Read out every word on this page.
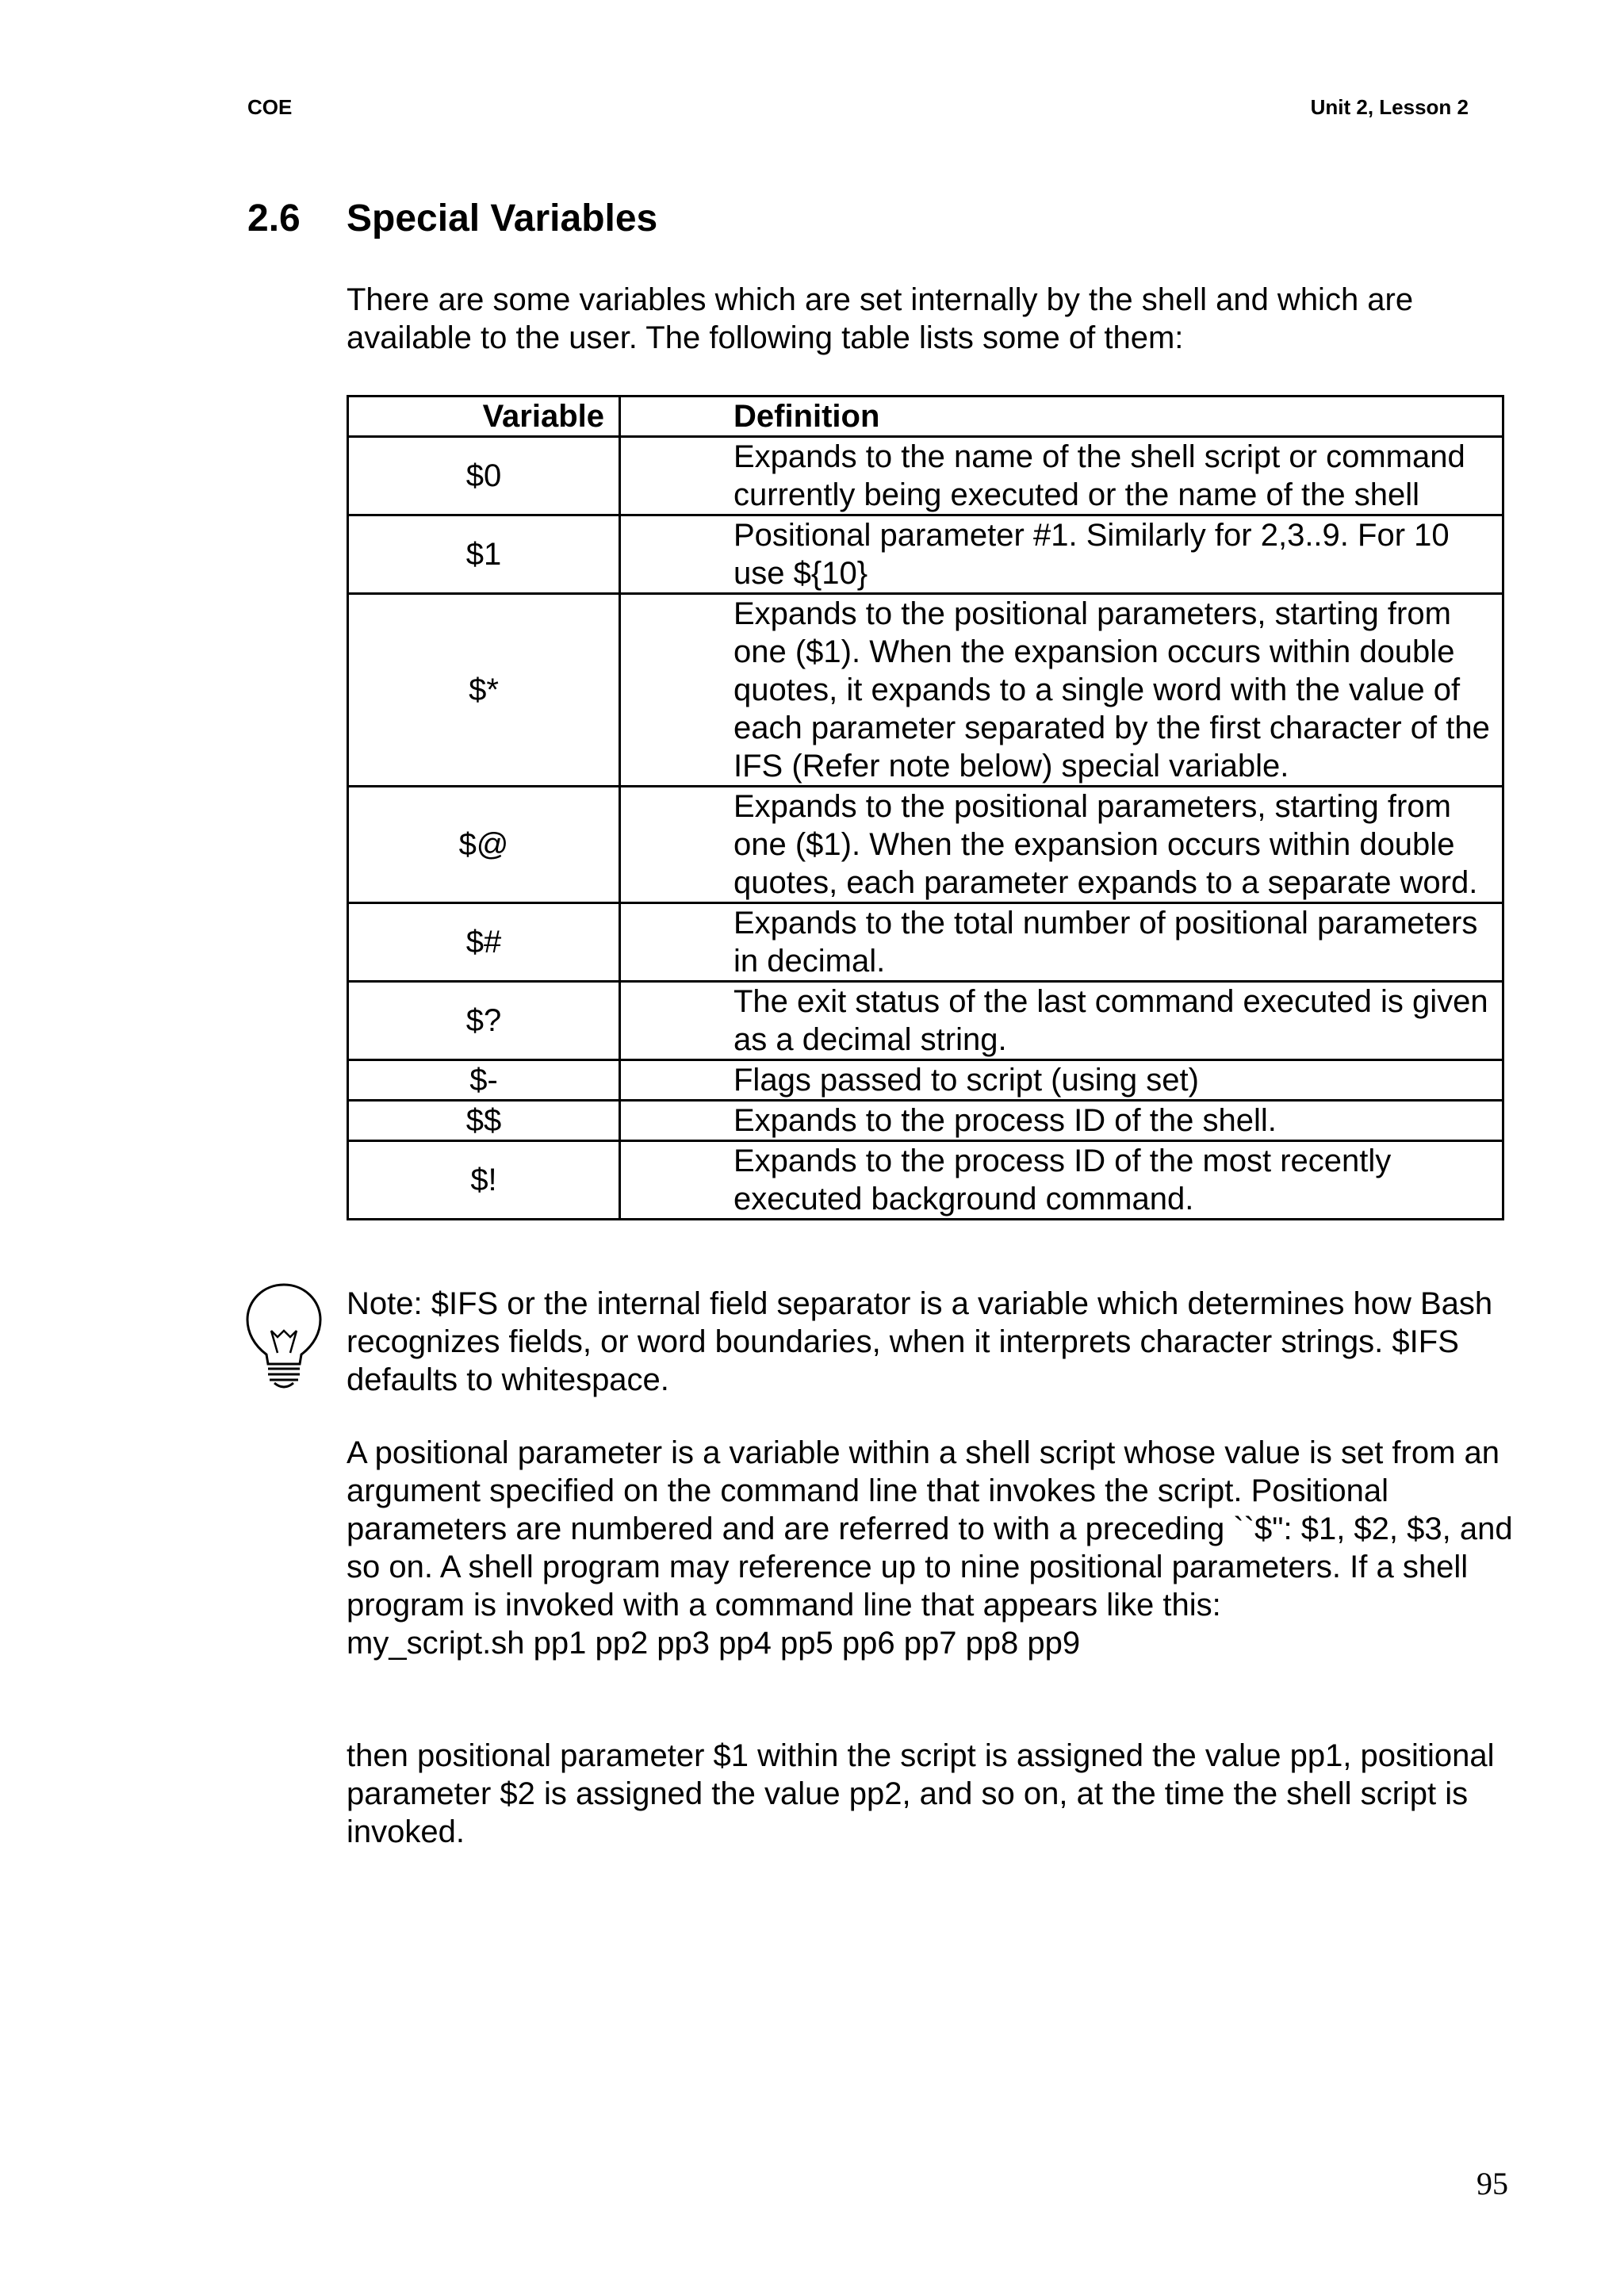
COE	Unit 2, Lesson 2
2.6 Special Variables
There are some variables which are set internally by the shell and which are available to the user. The following table lists some of them:
Variable	Definition
$0	Expands to the name of the shell script or command currently being executed or the name of the shell
$1	Positional parameter #1. Similarly for 2,3..9. For 10 use ${10}
$*	Expands to the positional parameters, starting from one ($1). When the expansion occurs within double quotes, it expands to a single word with the value of each parameter separated by the first character of the IFS (Refer note below) special variable.
$@	Expands to the positional parameters, starting from one ($1). When the expansion occurs within double quotes, each parameter expands to a separate word.
$#	Expands to the total number of positional parameters in decimal.
$?	The exit status of the last command executed is given as a decimal string.
$-	Flags passed to script (using set)
$$	Expands to the process ID of the shell.
$!	Expands to the process ID of the most recently executed background command.
Note: $IFS or the internal field separator is a variable which determines how Bash recognizes fields, or word boundaries, when it interprets character strings. $IFS defaults to whitespace.

A positional parameter is a variable within a shell script whose value is set from an argument specified on the command line that invokes the script. Positional parameters are numbered and are referred to with a preceding ``$": $1, $2, $3, and so on. A shell program may reference up to nine positional parameters. If a shell program is invoked with a command line that appears like this:

my_script.sh pp1 pp2 pp3 pp4 pp5 pp6 pp7 pp8 pp9

then positional parameter $1 within the script is assigned the value pp1, positional parameter $2 is assigned the value pp2, and so on, at the time the shell script is invoked.
95
